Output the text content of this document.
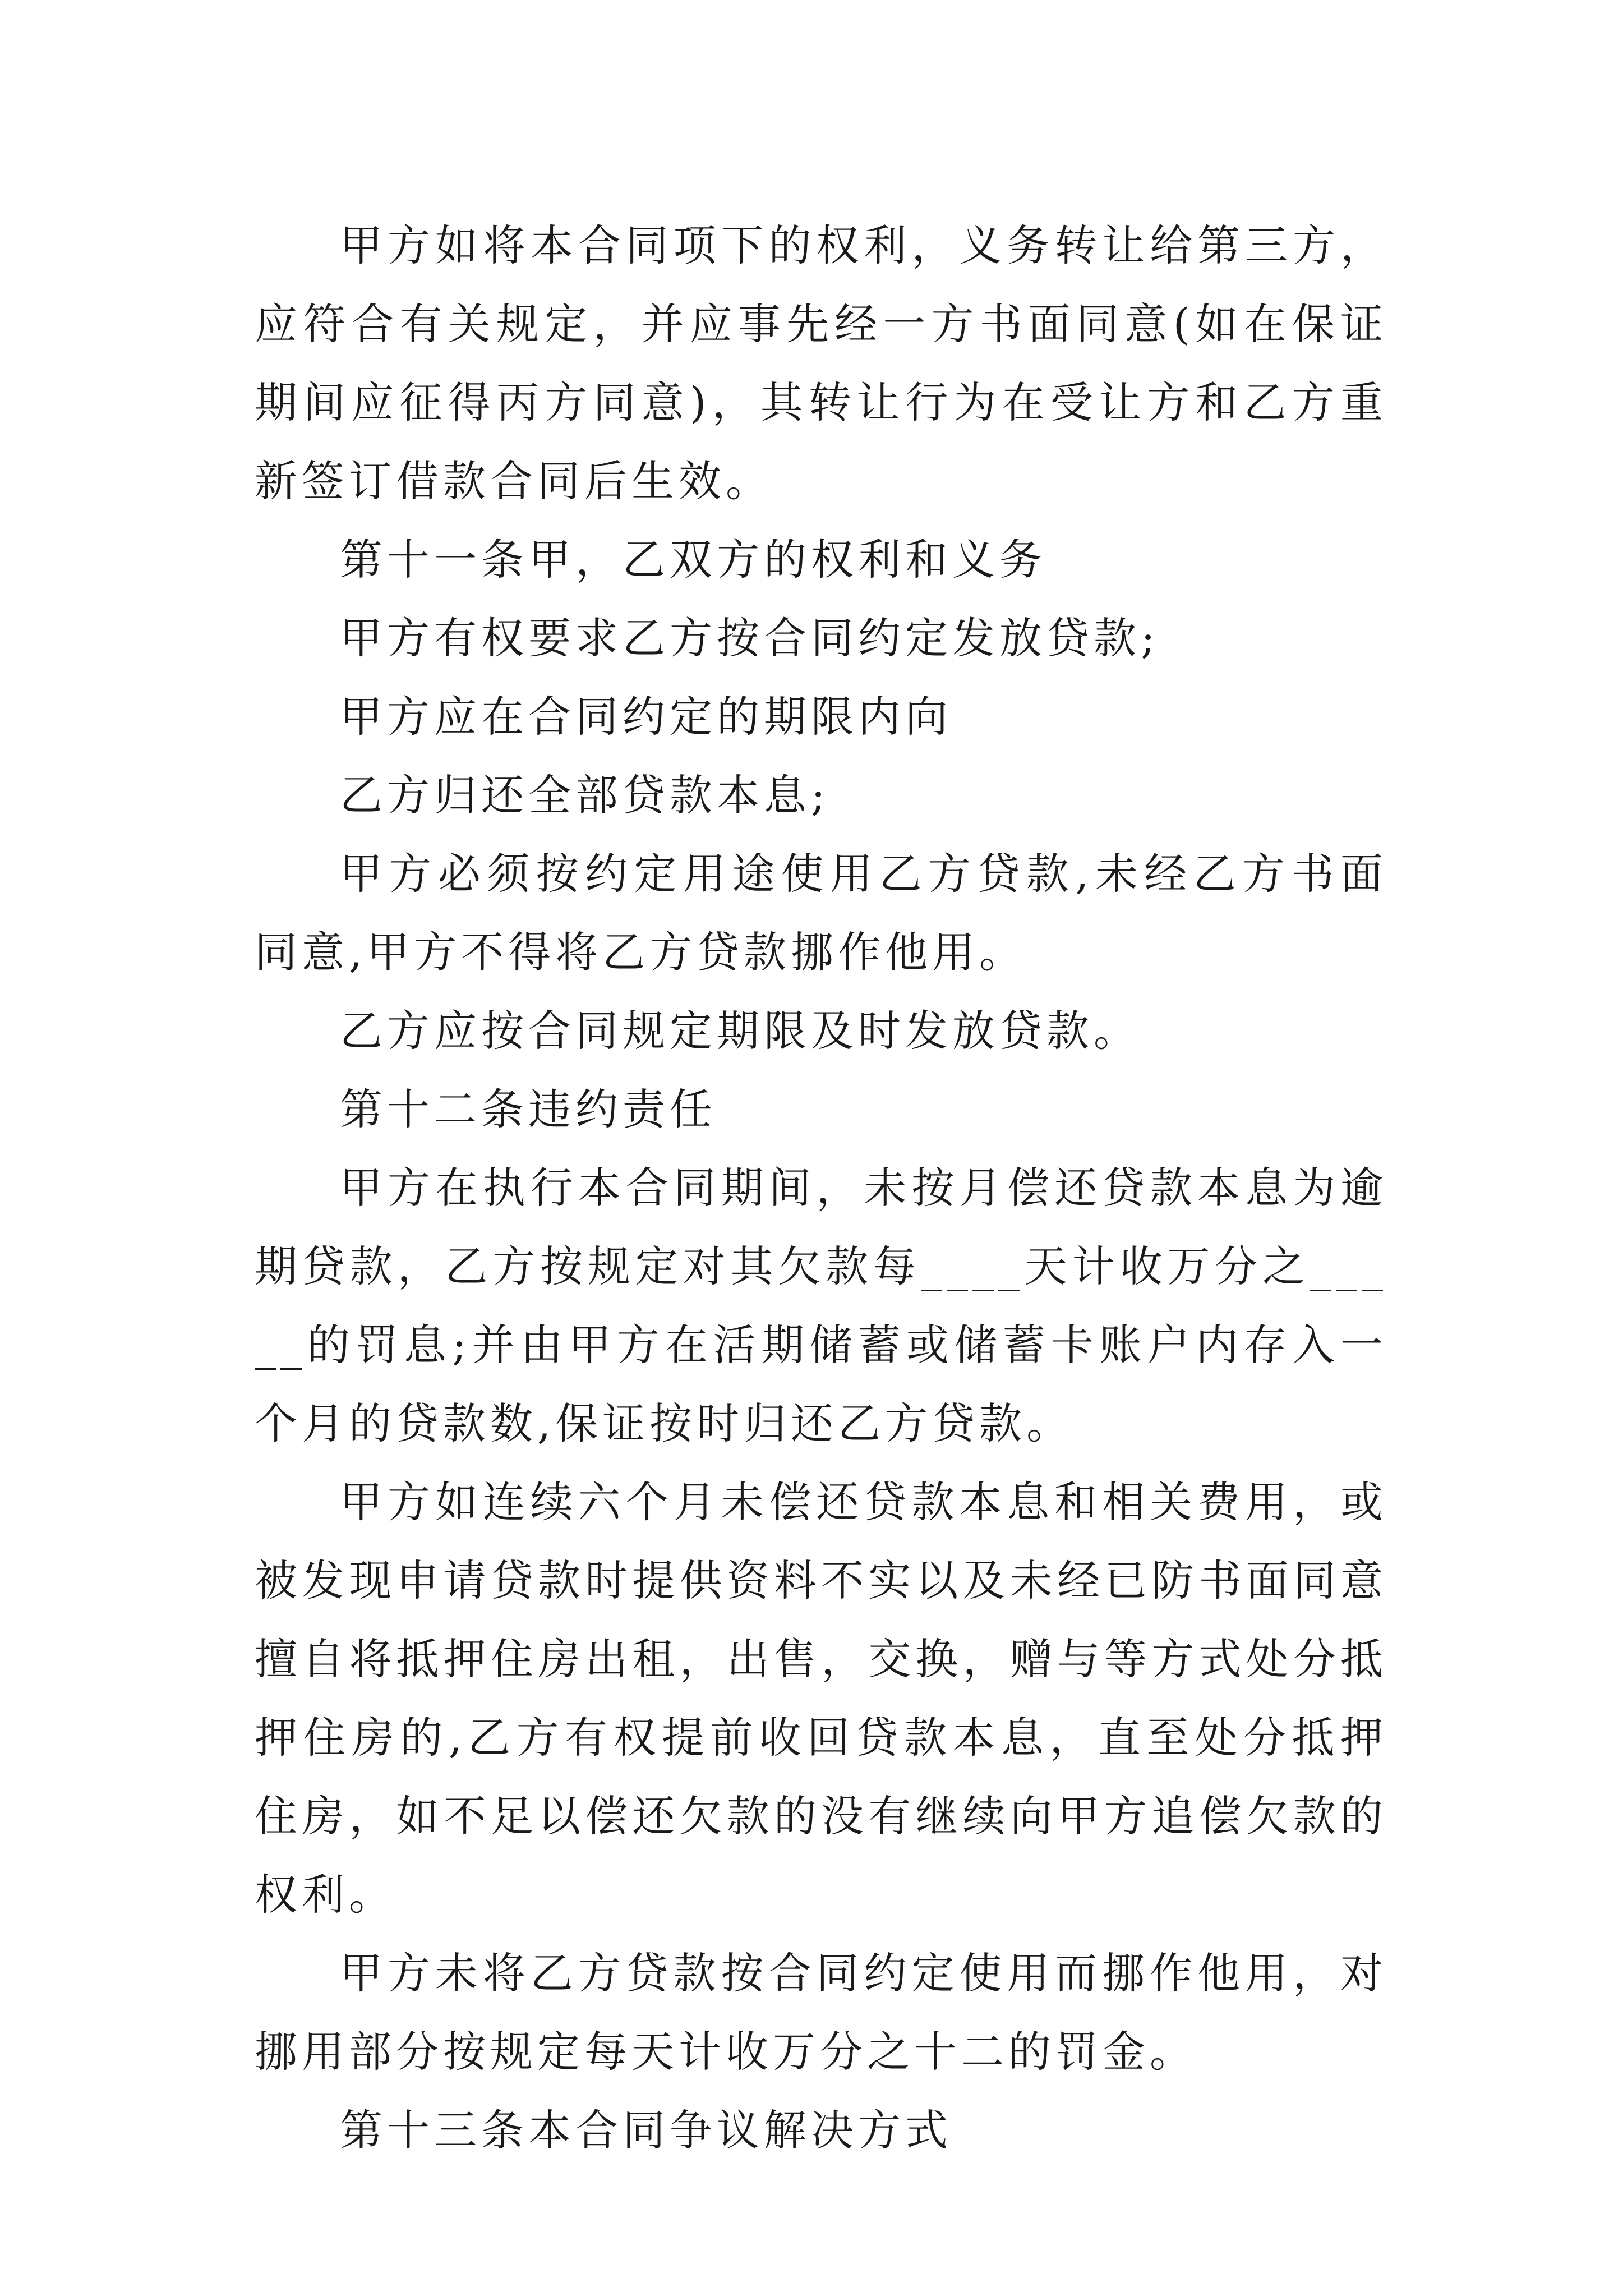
甲方如将本合同项下的权利，义务转让给第三方，应符合有关规定，并应事先经一方书面同意(如在保证期间应征得丙方同意)，其转让行为在受让方和乙方重新签订借款合同后生效。

第十一条甲，乙双方的权利和义务

甲方有权要求乙方按合同约定发放贷款;

甲方应在合同约定的期限内向

乙方归还全部贷款本息;

甲方必须按约定用途使用乙方贷款,未经乙方书面同意,甲方不得将乙方贷款挪作他用。

乙方应按合同规定期限及时发放贷款。

第十二条违约责任

甲方在执行本合同期间，未按月偿还贷款本息为逾期贷款，乙方按规定对其欠款每____天计收万分之_____的罚息;并由甲方在活期储蓄或储蓄卡账户内存入一个月的贷款数,保证按时归还乙方贷款。

甲方如连续六个月未偿还贷款本息和相关费用，或被发现申请贷款时提供资料不实以及未经已防书面同意擅自将抵押住房出租，出售，交换，赠与等方式处分抵押住房的,乙方有权提前收回贷款本息，直至处分抵押住房，如不足以偿还欠款的没有继续向甲方追偿欠款的权利。

甲方未将乙方贷款按合同约定使用而挪作他用，对挪用部分按规定每天计收万分之十二的罚金。

第十三条本合同争议解决方式
